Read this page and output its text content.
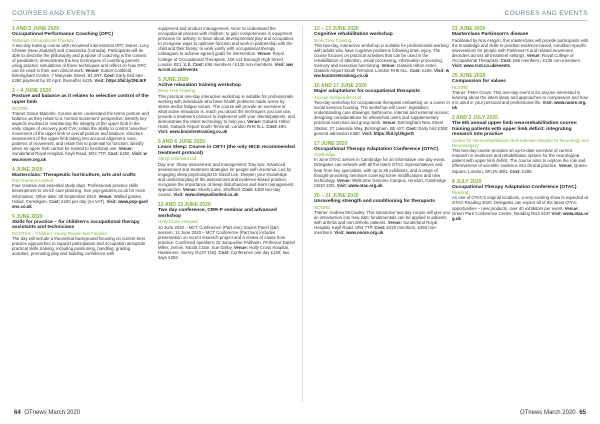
COURSES AND EVENTS	COURSES AND EVENTS
1 AND 2 JUNE 2020
Occupational Performance Coaching (OPC)
Midlands Occupational Therapy

A two-day training course with renowned international OPC trainer, Lucy Chetwe (New Zealand) and Cassandra (Canada). Participants will be able to describe the philosophy and purpose of coaching in the context of paediatrics; demonstrate the key techniques of coaching parents using practice simulations of these techniques and reflect on how OPC can be used in their own clinical work. Venue: Sutton Coldfield, Birmingham Centre, 7 Maryvale Street, B1 2NT. Cost: Early bird rate £350 payment by 20 April, thereafter £425. Visit: https://bit.ly/2NL9rF

3 – 4 JUNE 2020
Posture and balance as it relates to selective control of the upper limb
NOORE

Trainer Grace Malcolm. Course aims: understand the terms posture and balance as they relate to a 'normal movement' perspective; identify key aspects involved in maintaining the integrity of the upper limb in the early stages of recovery post CVA; relate the ability to control 'selective' movement of the upper limb to overall posture and balance; structure assessment of the upper limb taking into account alignment, tone, patterns of movement, and relate this to potential for function; identify when an upper limb cannot be trained to functional use. Venue: Sunderland Royal Hospital, Kayll Road, SR4 7TP. Cost: £250. Visit: www.noore.org.uk

4 JUNE 2020
Masterclass: Therapeutic horticulture, arts and crafts
Pop Gardens Limited

Four creative and essential study days. Professional practice skills development to enrich care planning. See pop-gardens.co.uk for more information. Other date: 25 September 2020. Venue: Walled garden, Hafod, Ceredigion. Cost: £150 per day (no VAT). Visit: www.pop-gardens.co.uk

5 JUNE 2020
Skills for practice – for children's occupational therapy assistants and technicians
ROOTSS – Children, Young People and Families

The day will include a theoretical background focusing on current best practice approaches to support participation and occupation alongside practical skills training, including positioning, handling, grading activities, promoting play and building confidence with

equipment and product management. Aims: to understand the occupational process with children; to gain competencies in equipment provision for activity; to learn about developmental play and occupation; to recognise ways to optimise function and work in partnership with the child and their family; to work jointly with occupational therapy colleagues to achieve agreed goals for intervention. Venue: Royal College of Occupational Therapists, 106-114 Borough High Street, London SE1 1LB. Cost: £95 members / £135 non-members. Visit: www.rcot.co.uk/events

5 JUNE 2020
Active relaxation training workshop
Brain Tree Training

This practical one-day interactive workshop is suitable for professionals working with individuals who have health problems made worse by stress and/or fatigue issues. The course will provide an overview of what active relaxation is, teach you about the techniques you can use, provide a treatment protocol to implement with your clients/patients, and demonstrate the latest technology to help you. Venue: Gatwick Hilton Hotel, Gatwick Airport South Terminal, London RH6 0LL. Cost: £90. Visit: www.braintreetraining.co.uk

5 AND 6 JUNE 2020
Learn Sleep: Course in CBT-I (the only NICE recommended treatment protocol)
Sleep Unlimited Ltd

Day one: Sleep assessment and management. Day two: Advanced assessment and treatment strategies for people with insomnia. Led by engaging sleep psychologist Dr David Lee. Deepen your knowledge and understanding of the assessment and evidence-based practice; recognise the importance of sleep disturbances and learn management approaches. Venue: Steels Lane, Sheffield. Cost: £480 two-day course. Visit: www.sleepunlimited.co.uk

12 AND 13 JUNE 2020
Two day conference, CRR-P seminar and advanced workshop
Holly Cross Hospital

10 June 2020 – MCT Conference (Part one); Expert Panel Q&A session; 12 June 2020 – MCT Conference (Part two) includes presentation on recent research project and a review of cases from practice. Confirmed speakers: Dr Jacqueline Fairbairn, Professor Daniel Miller, Jennie, Nicola Crate, Sue Darby. Venue: Holly Cross Hospital, Haslemere, Surrey GU27 1NQ. Cost: Conference one day £150; two days £250.

12 – 13 JUNE 2020
Cognitive rehabilitation workshop
Brain Tree Training

This two-day, interactive workshop is suitable for professionals working with adults who have cognitive problems following brain injury. The course focuses on practical activities that can be used in the rehabilitation of attention, visual processing, information processing, memory and executive functioning. Venue: Gatwick Hilton Hotel, Gatwick Airport South Terminal, London RH6 0LL. Cost: £195. Visit: www.braintreetraining.co.uk

16 AND 17 JUNE 2020
Major adaptations for occupational therapists
Access Independent Ltd

Two-day workshop for occupational therapists embarking on a career in social services housing. The workshop will cover: legislation; understanding care drawings; bathrooms, internal and external access; designing considerations for wheelchair users and supplementary practical exercises and group work. Venue: Birmingham New Street Station, 27 Lakeside Way, Birmingham, B5 4ST. Cost: Early bird £350; general admission £390. Visit: https://bit.ly/3hgvrD

17 JUNE 2020
Occupational Therapy Adaptation Conference (OTAC)
Cambridge

In June OTAC arrives in Cambridge for an informative one day event. Delegates can network with all the latest OTAC representatives and hear from key specialists, with up to 35 exhibitors, and a range of thought-provoking seminars covering home modifications and new technology. Venue: Wellcome Genome Campus, Hinxton, Cambridge CB10 1SD. Visit: www.otac.org.uk

20 – 21 JUNE 2020
Unravelling strength and conditioning for therapists
NOORE

Trainer: Andrew McCauley. This interactive two-day course will give you an introduction into how S&C fundamentals can be applied to patients with arthritis and non-arthritic patients. Venue: Sunderland Royal Hospital, Kayll Road, SR4 7TP. Cost: £220 members, £250 non-members. Visit: www.noore.org.uk

23 JUNE 2020
Masterclass Parkinson's disease

Facilitated by Ana Aragon, this masterclass will provide participants with the knowledge and skills to practise evidence-based, condition-specific interventions for people with Parkinson's and related movement disorders across all treatment settings. Venue: Royal College of Occupational Therapists. Cost: £95 members / £135 non-members. Visit: www.rcot.co.uk/events

25 JUNE 2020
Compassion for values
NOORE

Trainer: Peter Grove. This one-day event is for anyone interested in learning about the latest ideas and approaches to compassion and how it is used in your personal and professional life. Visit: www.noore.org.uk

2 AND 3 JULY 2020
The 6th annual upper limb neurorehabilitation course: training patients with upper limb deficit: integrating research into practice
Centre for Neurorehabilitation and National Hospital for Neurology and Neurosurgery

This two-day course provides an up-to-date overview of current research in treatment and rehabilitation options for the neurological patient with upper limb deficit. The course aims to explore the role and effectiveness of scientific evidence into clinical practice. Venue: Queen Square, London, WC1N 3BG. Cost: £295.

8 JULY 2020
Occupational Therapy Adaptation Conference (OTAC)
Reading

As one of OTAC's original locations, a very exciting show is expected at OTAC Reading 2020. Delegates can expect all of the latest OTAC opportunities – new products, over 40 exhibitors per event. Venue: Green Park Conference Centre, Reading RG2 6GP. Visit: www.otac.org.uk

64 OTnews March 2020	OTnews March 2020 65
